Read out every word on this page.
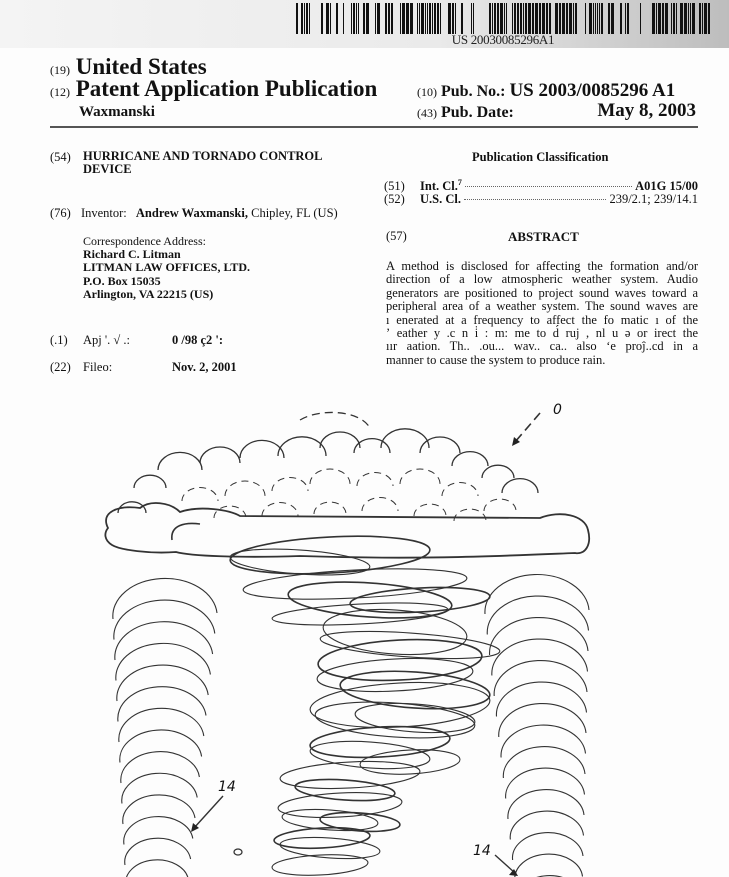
US 20030085296A1
(19) United States
(12) Patent Application Publication
Waxmanski
(10) Pub. No.: US 2003/0085296 A1
(43) Pub. Date:	May 8, 2003
(54) HURRICANE AND TORNADO CONTROL DEVICE
(76) Inventor: Andrew Waxmanski, Chipley, FL (US)
Correspondence Address:
Richard C. Litman
LITMAN LAW OFFICES, LTD.
P.O. Box 15035
Arlington, VA 22215 (US)
(.1) Apj '. √ .:	0 /98 ç2 ':
(22) Fileo:	Nov. 2, 2001
Publication Classification
(51)	Int. Cl.$^7$	A01G 15/00
(52)	U.S. Cl.	239/2.1; 239/14.1
(57)	ABSTRACT
A method is disclosed for affecting the formation and/or
direction of a low atmospheric weather system. Audio
generators are positioned to project sound waves toward a
peripheral area of a weather system. The sound waves are
ı enerated at a frequency to affect the fo matic ı of the
ʼ eather y .c n i̇ : m: me to d́ ruj , nl u ə or irect the
ıır aation. Th.. .ou... wav.. ca.. also ʻe proĵ..cd in a
manner to cause the system to produce rain.
0
14
14
